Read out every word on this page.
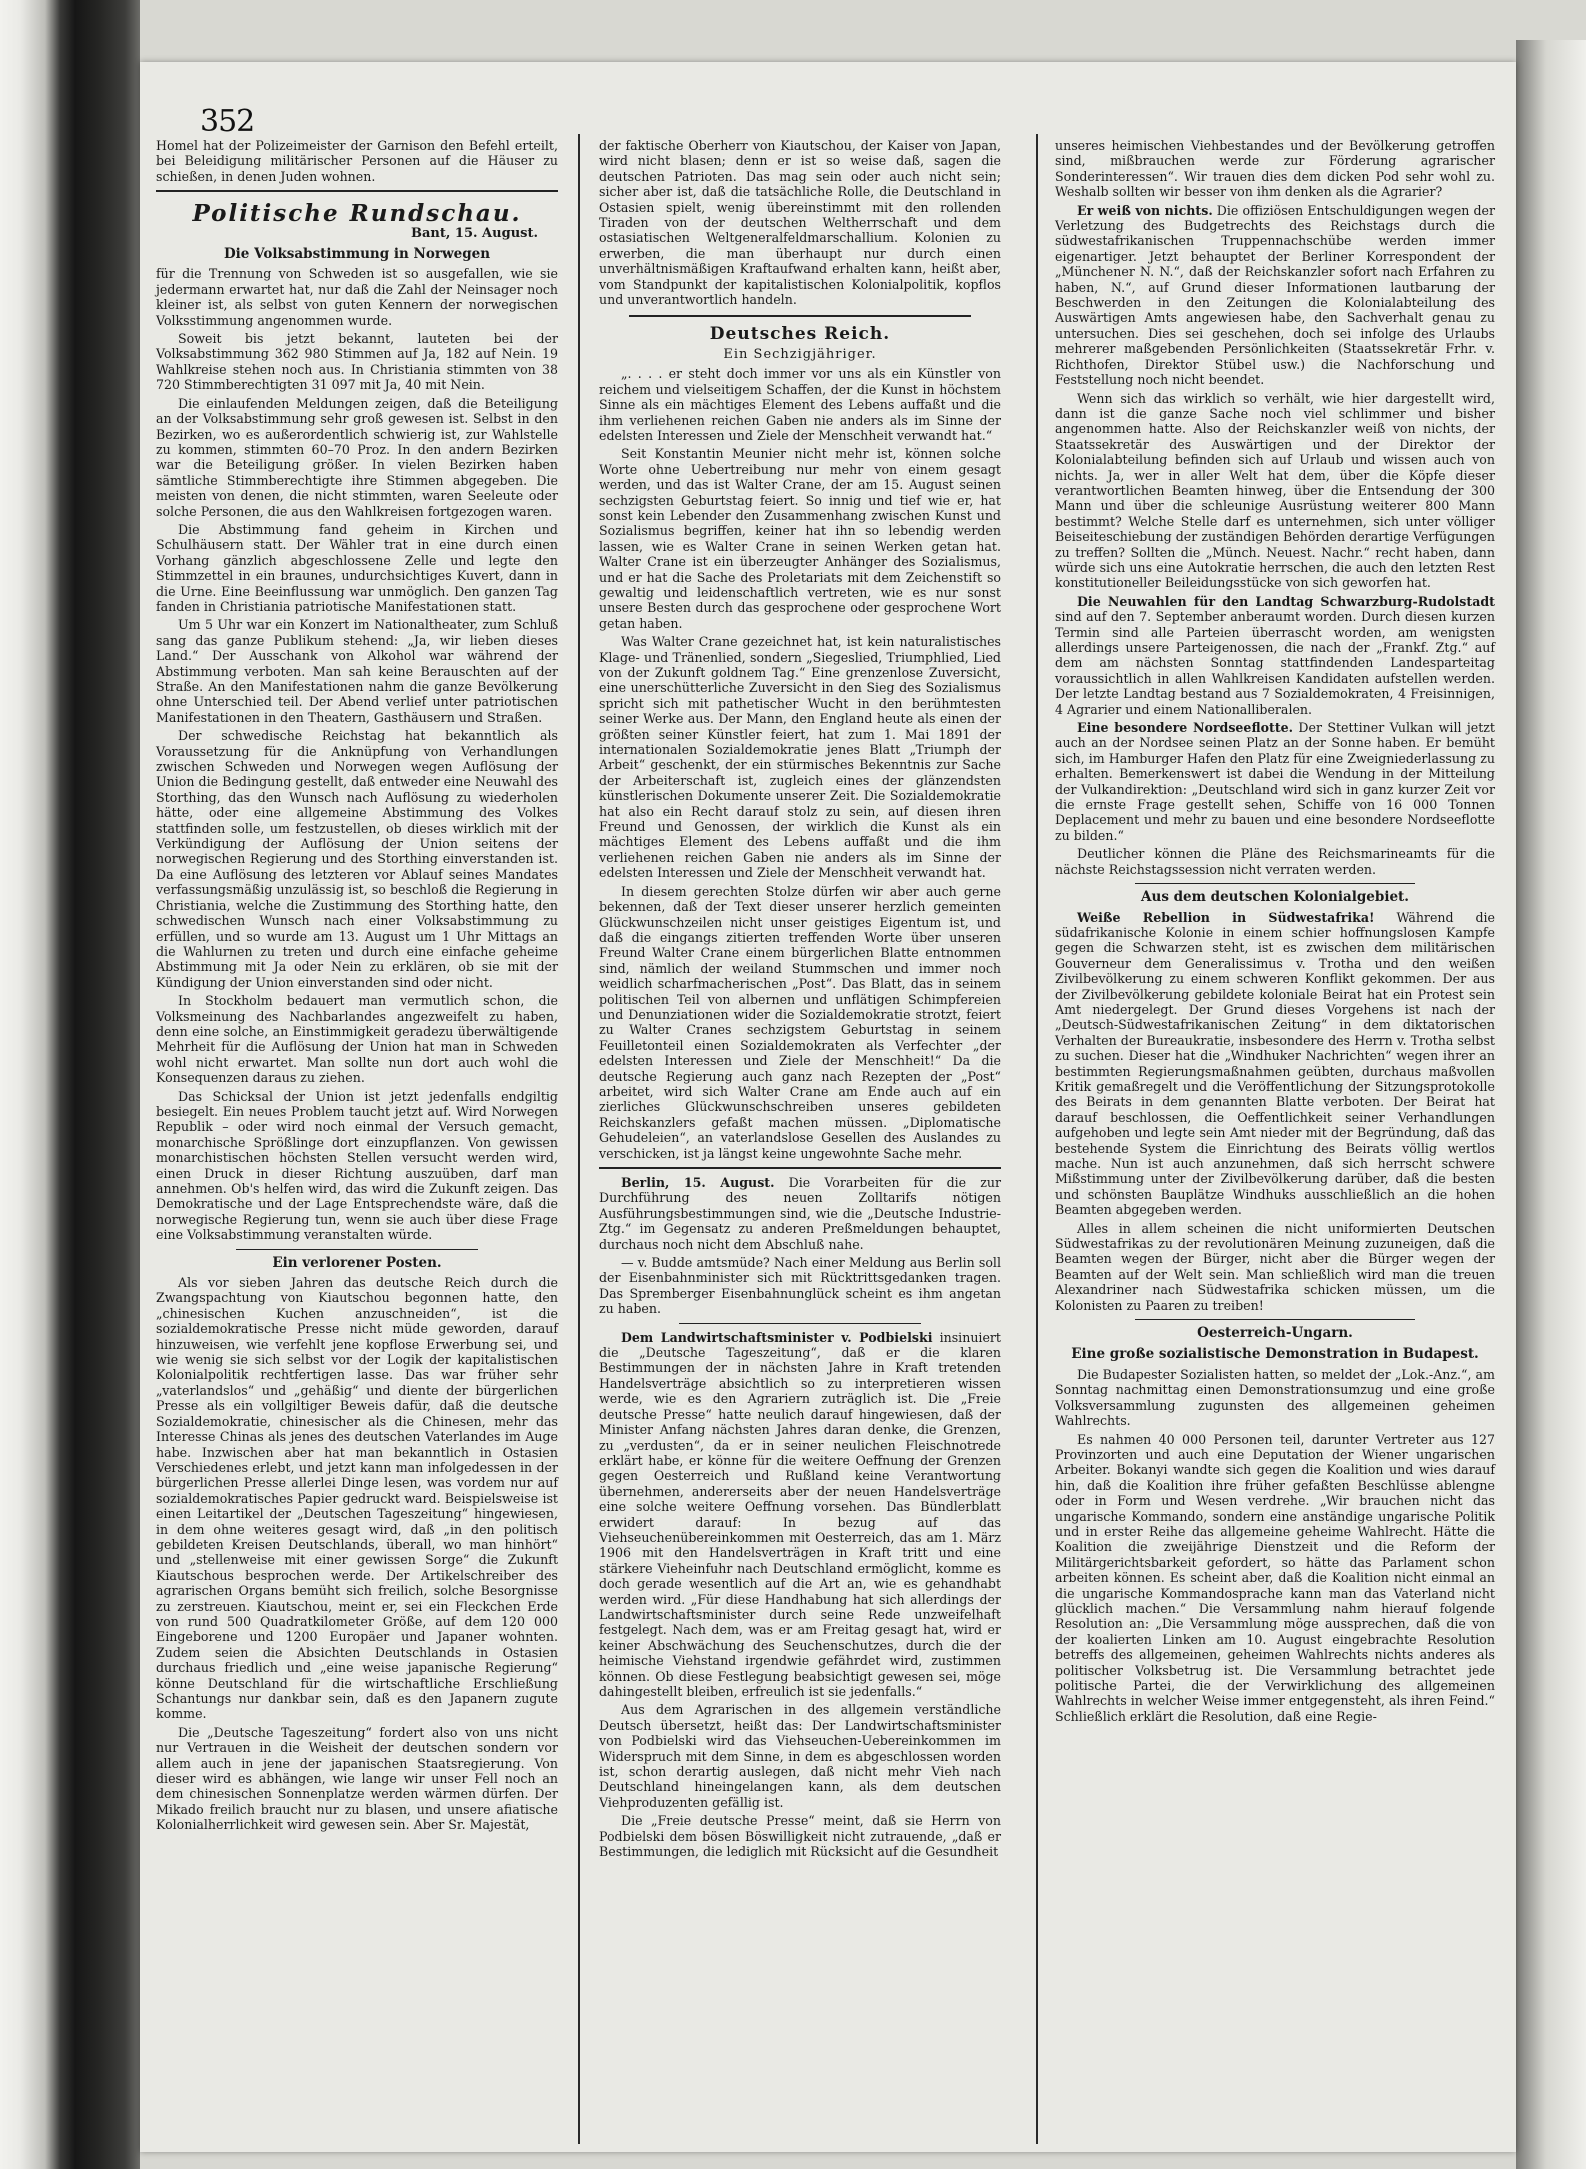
352

Homel hat der Polizeimeister der Garnison den Befehl erteilt, bei Beleidigung militärischer Personen auf die Häuser zu schießen, in denen Juden wohnen.

Politische Rundschau.
Bant, 15. August.
Die Volksabstimmung in Norwegen

für die Trennung von Schweden ist so ausgefallen, wie sie jedermann erwartet hat, nur daß die Zahl der Neinsager noch kleiner ist, als selbst von guten Kennern der norwegischen Volksstimmung angenommen wurde.

Soweit bis jetzt bekannt, lauteten bei der Volksabstimmung 362 980 Stimmen auf Ja, 182 auf Nein. 19 Wahlkreise stehen noch aus. In Christiania stimmten von 38 720 Stimmberechtigten 31 097 mit Ja, 40 mit Nein.

Die einlaufenden Meldungen zeigen, daß die Beteiligung an der Volksabstimmung sehr groß gewesen ist. Selbst in den Bezirken, wo es außerordentlich schwierig ist, zur Wahlstelle zu kommen, stimmten 60–70 Proz. In den andern Bezirken war die Beteiligung größer. In vielen Bezirken haben sämtliche Stimmberechtigte ihre Stimmen abgegeben. Die meisten von denen, die nicht stimmten, waren Seeleute oder solche Personen, die aus den Wahlkreisen fortgezogen waren.

Die Abstimmung fand geheim in Kirchen und Schulhäusern statt. Der Wähler trat in eine durch einen Vorhang gänzlich abgeschlossene Zelle und legte den Stimmzettel in ein braunes, undurchsichtiges Kuvert, dann in die Urne. Eine Beeinflussung war unmöglich. Den ganzen Tag fanden in Christiania patriotische Manifestationen statt.

Um 5 Uhr war ein Konzert im Nationaltheater, zum Schluß sang das ganze Publikum stehend: „Ja, wir lieben dieses Land.“ Der Ausschank von Alkohol war während der Abstimmung verboten. Man sah keine Berauschten auf der Straße. An den Manifestationen nahm die ganze Bevölkerung ohne Unterschied teil. Der Abend verlief unter patriotischen Manifestationen in den Theatern, Gasthäusern und Straßen.

Der schwedische Reichstag hat bekanntlich als Voraussetzung für die Anknüpfung von Verhandlungen zwischen Schweden und Norwegen wegen Auflösung der Union die Bedingung gestellt, daß entweder eine Neuwahl des Storthing, das den Wunsch nach Auflösung zu wiederholen hätte, oder eine allgemeine Abstimmung des Volkes stattfinden solle, um festzustellen, ob dieses wirklich mit der Verkündigung der Auflösung der Union seitens der norwegischen Regierung und des Storthing einverstanden ist. Da eine Auflösung des letzteren vor Ablauf seines Mandates verfassungsmäßig unzulässig ist, so beschloß die Regierung in Christiania, welche die Zustimmung des Storthing hatte, den schwedischen Wunsch nach einer Volksabstimmung zu erfüllen, und so wurde am 13. August um 1 Uhr Mittags an die Wahlurnen zu treten und durch eine einfache geheime Abstimmung mit Ja oder Nein zu erklären, ob sie mit der Kündigung der Union einverstanden sind oder nicht.

In Stockholm bedauert man vermutlich schon, die Volksmeinung des Nachbarlandes angezweifelt zu haben, denn eine solche, an Einstimmigkeit geradezu überwältigende Mehrheit für die Auflösung der Union hat man in Schweden wohl nicht erwartet. Man sollte nun dort auch wohl die Konsequenzen daraus zu ziehen.

Das Schicksal der Union ist jetzt jedenfalls endgiltig besiegelt. Ein neues Problem taucht jetzt auf. Wird Norwegen Republik – oder wird noch einmal der Versuch gemacht, monarchische Sprößlinge dort einzupflanzen. Von gewissen monarchistischen höchsten Stellen versucht werden wird, einen Druck in dieser Richtung auszuüben, darf man annehmen. Ob's helfen wird, das wird die Zukunft zeigen. Das Demokratische und der Lage Entsprechendste wäre, daß die norwegische Regierung tun, wenn sie auch über diese Frage eine Volksabstimmung veranstalten würde.

Ein verlorener Posten.

Als vor sieben Jahren das deutsche Reich durch die Zwangspachtung von Kiautschou begonnen hatte, den „chinesischen Kuchen anzuschneiden“, ist die sozialdemokratische Presse nicht müde geworden, darauf hinzuweisen, wie verfehlt jene kopflose Erwerbung sei, und wie wenig sie sich selbst vor der Logik der kapitalistischen Kolonialpolitik rechtfertigen lasse. Das war früher sehr „vaterlandslos“ und „gehäßig“ und diente der bürgerlichen Presse als ein vollgiltiger Beweis dafür, daß die deutsche Sozialdemokratie, chinesischer als die Chinesen, mehr das Interesse Chinas als jenes des deutschen Vaterlandes im Auge habe. Inzwischen aber hat man bekanntlich in Ostasien Verschiedenes erlebt, und jetzt kann man infolgedessen in der bürgerlichen Presse allerlei Dinge lesen, was vordem nur auf sozialdemokratisches Papier gedruckt ward. Beispielsweise ist einen Leitartikel der „Deutschen Tageszeitung“ hingewiesen, in dem ohne weiteres gesagt wird, daß „in den politisch gebildeten Kreisen Deutschlands, überall, wo man hinhört“ und „stellenweise mit einer gewissen Sorge“ die Zukunft Kiautschous besprochen werde. Der Artikelschreiber des agrarischen Organs bemüht sich freilich, solche Besorgnisse zu zerstreuen. Kiautschou, meint er, sei ein Fleckchen Erde von rund 500 Quadratkilometer Größe, auf dem 120 000 Eingeborene und 1200 Europäer und Japaner wohnten. Zudem seien die Absichten Deutschlands in Ostasien durchaus friedlich und „eine weise japanische Regierung“ könne Deutschland für die wirtschaftliche Erschließung Schantungs nur dankbar sein, daß es den Japanern zugute komme.

Die „Deutsche Tageszeitung“ fordert also von uns nicht nur Vertrauen in die Weisheit der deutschen sondern vor allem auch in jene der japanischen Staatsregierung. Von dieser wird es abhängen, wie lange wir unser Fell noch an dem chinesischen Sonnenplatze werden wärmen dürfen. Der Mikado freilich braucht nur zu blasen, und unsere afiatische Kolonialherrlichkeit wird gewesen sein. Aber Sr. Majestät,

der faktische Oberherr von Kiautschou, der Kaiser von Japan, wird nicht blasen; denn er ist so weise daß, sagen die deutschen Patrioten. Das mag sein oder auch nicht sein; sicher aber ist, daß die tatsächliche Rolle, die Deutschland in Ostasien spielt, wenig übereinstimmt mit den rollenden Tiraden von der deutschen Weltherrschaft und dem ostasiatischen Weltgeneralfeldmarschallium. Kolonien zu erwerben, die man überhaupt nur durch einen unverhältnismäßigen Kraftaufwand erhalten kann, heißt aber, vom Standpunkt der kapitalistischen Kolonialpolitik, kopflos und unverantwortlich handeln.

Deutsches Reich.
Ein Sechzigjähriger.

„. . . . er steht doch immer vor uns als ein Künstler von reichem und vielseitigem Schaffen, der die Kunst in höchstem Sinne als ein mächtiges Element des Lebens auffaßt und die ihm verliehenen reichen Gaben nie anders als im Sinne der edelsten Interessen und Ziele der Menschheit verwandt hat.“

Seit Konstantin Meunier nicht mehr ist, können solche Worte ohne Uebertreibung nur mehr von einem gesagt werden, und das ist Walter Crane, der am 15. August seinen sechzigsten Geburtstag feiert. So innig und tief wie er, hat sonst kein Lebender den Zusammenhang zwischen Kunst und Sozialismus begriffen, keiner hat ihn so lebendig werden lassen, wie es Walter Crane in seinen Werken getan hat. Walter Crane ist ein überzeugter Anhänger des Sozialismus, und er hat die Sache des Proletariats mit dem Zeichenstift so gewaltig und leidenschaftlich vertreten, wie es nur sonst unsere Besten durch das gesprochene oder gesprochene Wort getan haben.

Was Walter Crane gezeichnet hat, ist kein naturalistisches Klage- und Tränenlied, sondern „Siegeslied, Triumphlied, Lied von der Zukunft goldnem Tag.“ Eine grenzenlose Zuversicht, eine unerschütterliche Zuversicht in den Sieg des Sozialismus spricht sich mit pathetischer Wucht in den berühmtesten seiner Werke aus. Der Mann, den England heute als einen der größten seiner Künstler feiert, hat zum 1. Mai 1891 der internationalen Sozialdemokratie jenes Blatt „Triumph der Arbeit“ geschenkt, der ein stürmisches Bekenntnis zur Sache der Arbeiterschaft ist, zugleich eines der glänzendsten künstlerischen Dokumente unserer Zeit. Die Sozialdemokratie hat also ein Recht darauf stolz zu sein, auf diesen ihren Freund und Genossen, der wirklich die Kunst als ein mächtiges Element des Lebens auffaßt und die ihm verliehenen reichen Gaben nie anders als im Sinne der edelsten Interessen und Ziele der Menschheit verwandt hat.

In diesem gerechten Stolze dürfen wir aber auch gerne bekennen, daß der Text dieser unserer herzlich gemeinten Glückwunschzeilen nicht unser geistiges Eigentum ist, und daß die eingangs zitierten treffenden Worte über unseren Freund Walter Crane einem bürgerlichen Blatte entnommen sind, nämlich der weiland Stummschen und immer noch weidlich scharfmacherischen „Post“. Das Blatt, das in seinem politischen Teil von albernen und unflätigen Schimpfereien und Denunziationen wider die Sozialdemokratie strotzt, feiert zu Walter Cranes sechzigstem Geburtstag in seinem Feuilletonteil einen Sozialdemokraten als Verfechter „der edelsten Interessen und Ziele der Menschheit!“ Da die deutsche Regierung auch ganz nach Rezepten der „Post“ arbeitet, wird sich Walter Crane am Ende auch auf ein zierliches Glückwunschschreiben unseres gebildeten Reichskanzlers gefaßt machen müssen. „Diplomatische Gehudeleien“, an vaterlandslose Gesellen des Auslandes zu verschicken, ist ja längst keine ungewohnte Sache mehr.

Berlin, 15. August. Die Vorarbeiten für die zur Durchführung des neuen Zolltarifs nötigen Ausführungsbestimmungen sind, wie die „Deutsche Industrie-Ztg.“ im Gegensatz zu anderen Preßmeldungen behauptet, durchaus noch nicht dem Abschluß nahe.

— v. Budde amtsmüde? Nach einer Meldung aus Berlin soll der Eisenbahnminister sich mit Rücktrittsgedanken tragen. Das Spremberger Eisenbahnunglück scheint es ihm angetan zu haben.

Dem Landwirtschaftsminister v. Podbielski insinuiert die „Deutsche Tageszeitung“, daß er die klaren Bestimmungen der in nächsten Jahre in Kraft tretenden Handelsverträge absichtlich so zu interpretieren wissen werde, wie es den Agrariern zuträglich ist. Die „Freie deutsche Presse“ hatte neulich darauf hingewiesen, daß der Minister Anfang nächsten Jahres daran denke, die Grenzen, zu „verdusten“, da er in seiner neulichen Fleischnotrede erklärt habe, er könne für die weitere Oeffnung der Grenzen gegen Oesterreich und Rußland keine Verantwortung übernehmen, andererseits aber der neuen Handelsverträge eine solche weitere Oeffnung vorsehen. Das Bündlerblatt erwidert darauf: In bezug auf das Viehseuchenübereinkommen mit Oesterreich, das am 1. März 1906 mit den Handelsverträgen in Kraft tritt und eine stärkere Vieheinfuhr nach Deutschland ermöglicht, komme es doch gerade wesentlich auf die Art an, wie es gehandhabt werden wird. „Für diese Handhabung hat sich allerdings der Landwirtschaftsminister durch seine Rede unzweifelhaft festgelegt. Nach dem, was er am Freitag gesagt hat, wird er keiner Abschwächung des Seuchenschutzes, durch die der heimische Viehstand irgendwie gefährdet wird, zustimmen können. Ob diese Festlegung beabsichtigt gewesen sei, möge dahingestellt bleiben, erfreulich ist sie jedenfalls.“

Aus dem Agrarischen in des allgemein verständliche Deutsch übersetzt, heißt das: Der Landwirtschaftsminister von Podbielski wird das Viehseuchen-Uebereinkommen im Widerspruch mit dem Sinne, in dem es abgeschlossen worden ist, schon derartig auslegen, daß nicht mehr Vieh nach Deutschland hineingelangen kann, als dem deutschen Viehproduzenten gefällig ist.

Die „Freie deutsche Presse“ meint, daß sie Herrn von Podbielski dem bösen Böswilligkeit nicht zutrauende, „daß er Bestimmungen, die lediglich mit Rücksicht auf die Gesundheit

unseres heimischen Viehbestandes und der Bevölkerung getroffen sind, mißbrauchen werde zur Förderung agrarischer Sonderinteressen“. Wir trauen dies dem dicken Pod sehr wohl zu. Weshalb sollten wir besser von ihm denken als die Agrarier?

Er weiß von nichts. Die offiziösen Entschuldigungen wegen der Verletzung des Budgetrechts des Reichstags durch die südwestafrikanischen Truppennachschübe werden immer eigenartiger. Jetzt behauptet der Berliner Korrespondent der „Münchener N. N.“, daß der Reichskanzler sofort nach Erfahren zu haben, N.“, auf Grund dieser Informationen lautbarung der Beschwerden in den Zeitungen die Kolonialabteilung des Auswärtigen Amts angewiesen habe, den Sachverhalt genau zu untersuchen. Dies sei geschehen, doch sei infolge des Urlaubs mehrerer maßgebenden Persönlichkeiten (Staatssekretär Frhr. v. Richthofen, Direktor Stübel usw.) die Nachforschung und Feststellung noch nicht beendet.

Wenn sich das wirklich so verhält, wie hier dargestellt wird, dann ist die ganze Sache noch viel schlimmer und bisher angenommen hatte. Also der Reichskanzler weiß von nichts, der Staatssekretär des Auswärtigen und der Direktor der Kolonialabteilung befinden sich auf Urlaub und wissen auch von nichts. Ja, wer in aller Welt hat dem, über die Köpfe dieser verantwortlichen Beamten hinweg, über die Entsendung der 300 Mann und über die schleunige Ausrüstung weiterer 800 Mann bestimmt? Welche Stelle darf es unternehmen, sich unter völliger Beiseiteschiebung der zuständigen Behörden derartige Verfügungen zu treffen? Sollten die „Münch. Neuest. Nachr.“ recht haben, dann würde sich uns eine Autokratie herrschen, die auch den letzten Rest konstitutioneller Beileidungsstücke von sich geworfen hat.

Die Neuwahlen für den Landtag Schwarzburg-Rudolstadt sind auf den 7. September anberaumt worden. Durch diesen kurzen Termin sind alle Parteien überrascht worden, am wenigsten allerdings unsere Parteigenossen, die nach der „Frankf. Ztg.“ auf dem am nächsten Sonntag stattfindenden Landesparteitag voraussichtlich in allen Wahlkreisen Kandidaten aufstellen werden. Der letzte Landtag bestand aus 7 Sozialdemokraten, 4 Freisinnigen, 4 Agrarier und einem Nationalliberalen.

Eine besondere Nordseeflotte. Der Stettiner Vulkan will jetzt auch an der Nordsee seinen Platz an der Sonne haben. Er bemüht sich, im Hamburger Hafen den Platz für eine Zweigniederlassung zu erhalten. Bemerkenswert ist dabei die Wendung in der Mitteilung der Vulkandirektion: „Deutschland wird sich in ganz kurzer Zeit vor die ernste Frage gestellt sehen, Schiffe von 16 000 Tonnen Deplacement und mehr zu bauen und eine besondere Nordseeflotte zu bilden.“

Deutlicher können die Pläne des Reichsmarineamts für die nächste Reichstagssession nicht verraten werden.

Aus dem deutschen Kolonialgebiet.

Weiße Rebellion in Südwestafrika! Während die südafrikanische Kolonie in einem schier hoffnungslosen Kampfe gegen die Schwarzen steht, ist es zwischen dem militärischen Gouverneur dem Generalissimus v. Trotha und den weißen Zivilbevölkerung zu einem schweren Konflikt gekommen. Der aus der Zivilbevölkerung gebildete koloniale Beirat hat ein Protest sein Amt niedergelegt. Der Grund dieses Vorgehens ist nach der „Deutsch-Südwestafrikanischen Zeitung“ in dem diktatorischen Verhalten der Bureaukratie, insbesondere des Herrn v. Trotha selbst zu suchen. Dieser hat die „Windhuker Nachrichten“ wegen ihrer an bestimmten Regierungsmaßnahmen geübten, durchaus maßvollen Kritik gemaßregelt und die Veröffentlichung der Sitzungsprotokolle des Beirats in dem genannten Blatte verboten. Der Beirat hat darauf beschlossen, die Oeffentlichkeit seiner Verhandlungen aufgehoben und legte sein Amt nieder mit der Begründung, daß das bestehende System die Einrichtung des Beirats völlig wertlos mache. Nun ist auch anzunehmen, daß sich herrscht schwere Mißstimmung unter der Zivilbevölkerung darüber, daß die besten und schönsten Bauplätze Windhuks ausschließlich an die hohen Beamten abgegeben werden.

Alles in allem scheinen die nicht uniformierten Deutschen Südwestafrikas zu der revolutionären Meinung zuzuneigen, daß die Beamten wegen der Bürger, nicht aber die Bürger wegen der Beamten auf der Welt sein. Man schließlich wird man die treuen Alexandriner nach Südwestafrika schicken müssen, um die Kolonisten zu Paaren zu treiben!

Oesterreich-Ungarn.
Eine große sozialistische Demonstration in Budapest.

Die Budapester Sozialisten hatten, so meldet der „Lok.-Anz.“, am Sonntag nachmittag einen Demonstrationsumzug und eine große Volksversammlung zugunsten des allgemeinen geheimen Wahlrechts.

Es nahmen 40 000 Personen teil, darunter Vertreter aus 127 Provinzorten und auch eine Deputation der Wiener ungarischen Arbeiter. Bokanyi wandte sich gegen die Koalition und wies darauf hin, daß die Koalition ihre früher gefaßten Beschlüsse ablengne oder in Form und Wesen verdrehe. „Wir brauchen nicht das ungarische Kommando, sondern eine anständige ungarische Politik und in erster Reihe das allgemeine geheime Wahlrecht. Hätte die Koalition die zweijährige Dienstzeit und die Reform der Militärgerichtsbarkeit gefordert, so hätte das Parlament schon arbeiten können. Es scheint aber, daß die Koalition nicht einmal an die ungarische Kommandosprache kann man das Vaterland nicht glücklich machen.“ Die Versammlung nahm hierauf folgende Resolution an: „Die Versammlung möge aussprechen, daß die von der koalierten Linken am 10. August eingebrachte Resolution betreffs des allgemeinen, geheimen Wahlrechts nichts anderes als politischer Volksbetrug ist. Die Versammlung betrachtet jede politische Partei, die der Verwirklichung des allgemeinen Wahlrechts in welcher Weise immer entgegensteht, als ihren Feind.“ Schließlich erklärt die Resolution, daß eine Regie-
